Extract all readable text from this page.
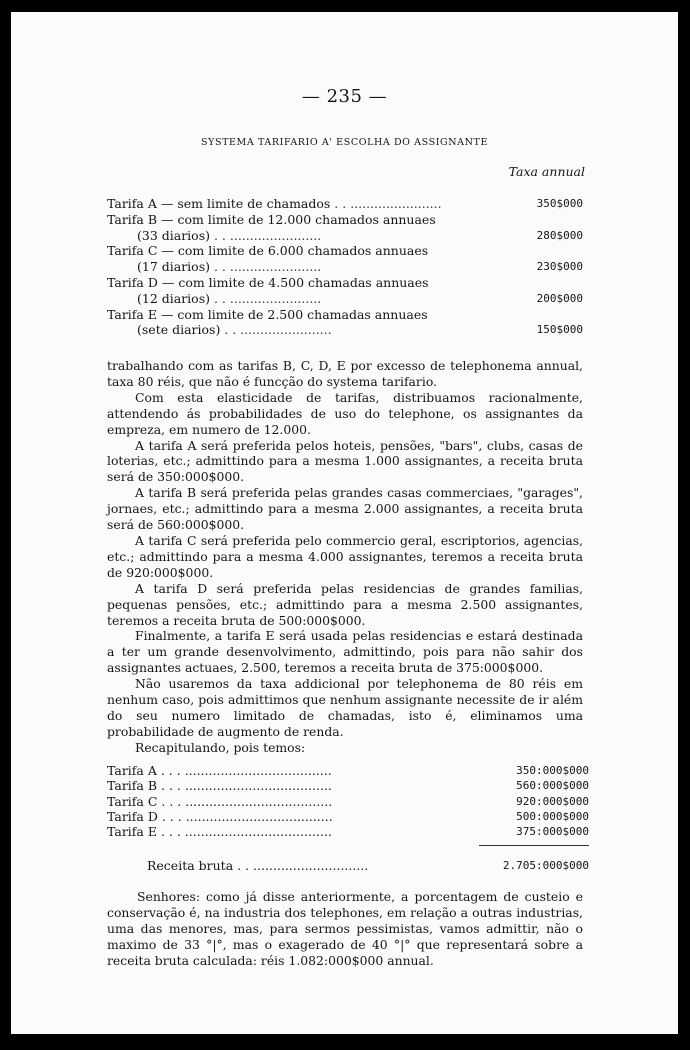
— 235 —
SYSTEMA TARIFARIO A' ESCOLHA DO ASSIGNANTE
Taxa annual
Tarifa A — sem limite de chamados . . .......................	350$000
Tarifa B — com limite de 12.000 chamados annuaes
(33 diarios) . . .......................	280$000
Tarifa C — com limite de 6.000 chamados annuaes
(17 diarios) . . .......................	230$000
Tarifa D — com limite de 4.500 chamadas annuaes
(12 diarios) . . .......................	200$000
Tarifa E — com limite de 2.500 chamadas annuaes
(sete diarios) . . .......................	150$000

trabalhando com as tarifas B, C, D, E por excesso de telephonema annual, taxa 80 réis, que não é funcção do systema tarifario.

Com esta elasticidade de tarifas, distribuamos racionalmente, attendendo ás probabilidades de uso do telephone, os assignantes da empreza, em numero de 12.000.

A tarifa A será preferida pelos hoteis, pensões, "bars", clubs, casas de loterias, etc.; admittindo para a mesma 1.000 assignantes, a receita bruta será de 350:000$000.

A tarifa B será preferida pelas grandes casas commerciaes, "garages", jornaes, etc.; admittindo para a mesma 2.000 assignantes, a receita bruta será de 560:000$000.

A tarifa C será preferida pelo commercio geral, escriptorios, agencias, etc.; admittindo para a mesma 4.000 assignantes, teremos a receita bruta de 920:000$000.

A tarifa D será preferida pelas residencias de grandes familias, pequenas pensões, etc.; admittindo para a mesma 2.500 assignantes, teremos a receita bruta de 500:000$000.

Finalmente, a tarifa E será usada pelas residencias e estará destinada a ter um grande desenvolvimento, admittindo, pois para não sahir dos assignantes actuaes, 2.500, teremos a receita bruta de 375:000$000.

Não usaremos da taxa addicional por telephonema de 80 réis em nenhum caso, pois admittimos que nenhum assignante necessite de ir além do seu numero limitado de chamadas, isto é, eliminamos uma probabilidade de augmento de renda.

Recapitulando, pois temos:

Tarifa A . . . .....................................	350:000$000
Tarifa B . . . .....................................	560:000$000
Tarifa C . . . .....................................	920:000$000
Tarifa D . . . .....................................	500:000$000
Tarifa E . . . .....................................	375:000$000
Receita bruta . . .............................	2.705:000$000

Senhores: como já disse anteriormente, a porcentagem de custeio e conservação é, na industria dos telephones, em relação a outras industrias, uma das menores, mas, para sermos pessimistas, vamos admittir, não o maximo de 33 °|°, mas o exagerado de 40 °|° que representará sobre a receita bruta calculada: réis 1.082:000$000 annual.
